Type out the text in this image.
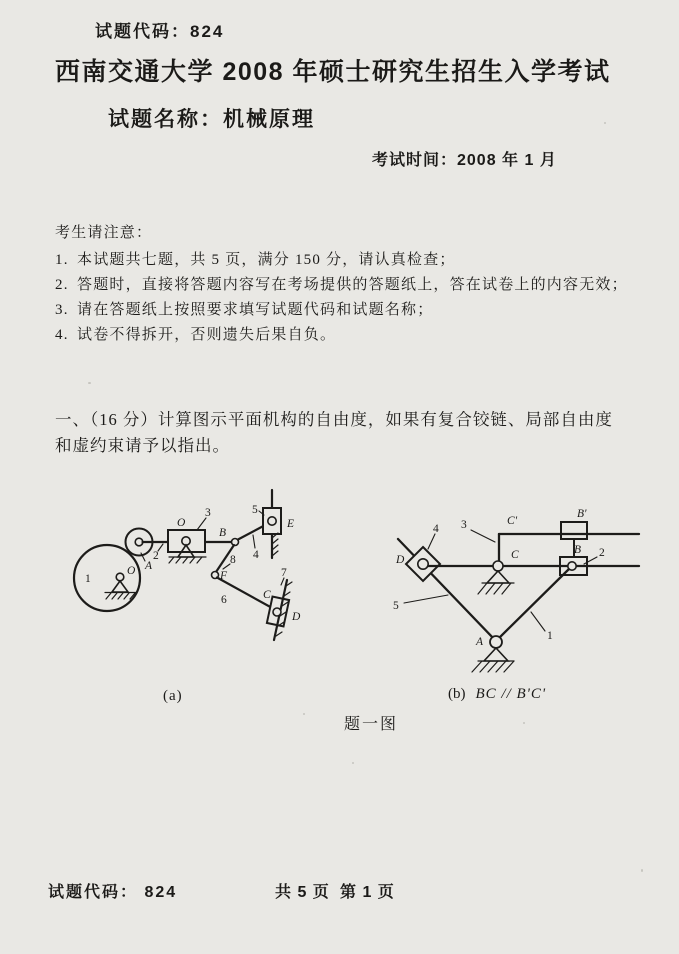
试题代码：824
西南交通大学 2008 年硕士研究生招生入学考试
试题名称：机械原理
考试时间：2008 年 1 月
考生请注意：
1. 本试题共七题，共 5 页，满分 150 分，请认真检查；
2. 答题时，直接将答题内容写在考场提供的答题纸上，答在试卷上的内容无效；
3. 请在答题纸上按照要求填写试题代码和试题名称；
4. 试卷不得拆开，否则遗失后果自负。
一、（16 分）计算图示平面机构的自由度，如果有复合铰链、局部自由度和虚约束请予以指出。
1
O A
2
O
3
B
4
5
E
F
8
6	C
7
D
A	1
5
4
D	C
C'
B
B'
2
3
(a)	(b) BC // B'C'
题一图
试题代码： 824	共 5 页 第 1 页
